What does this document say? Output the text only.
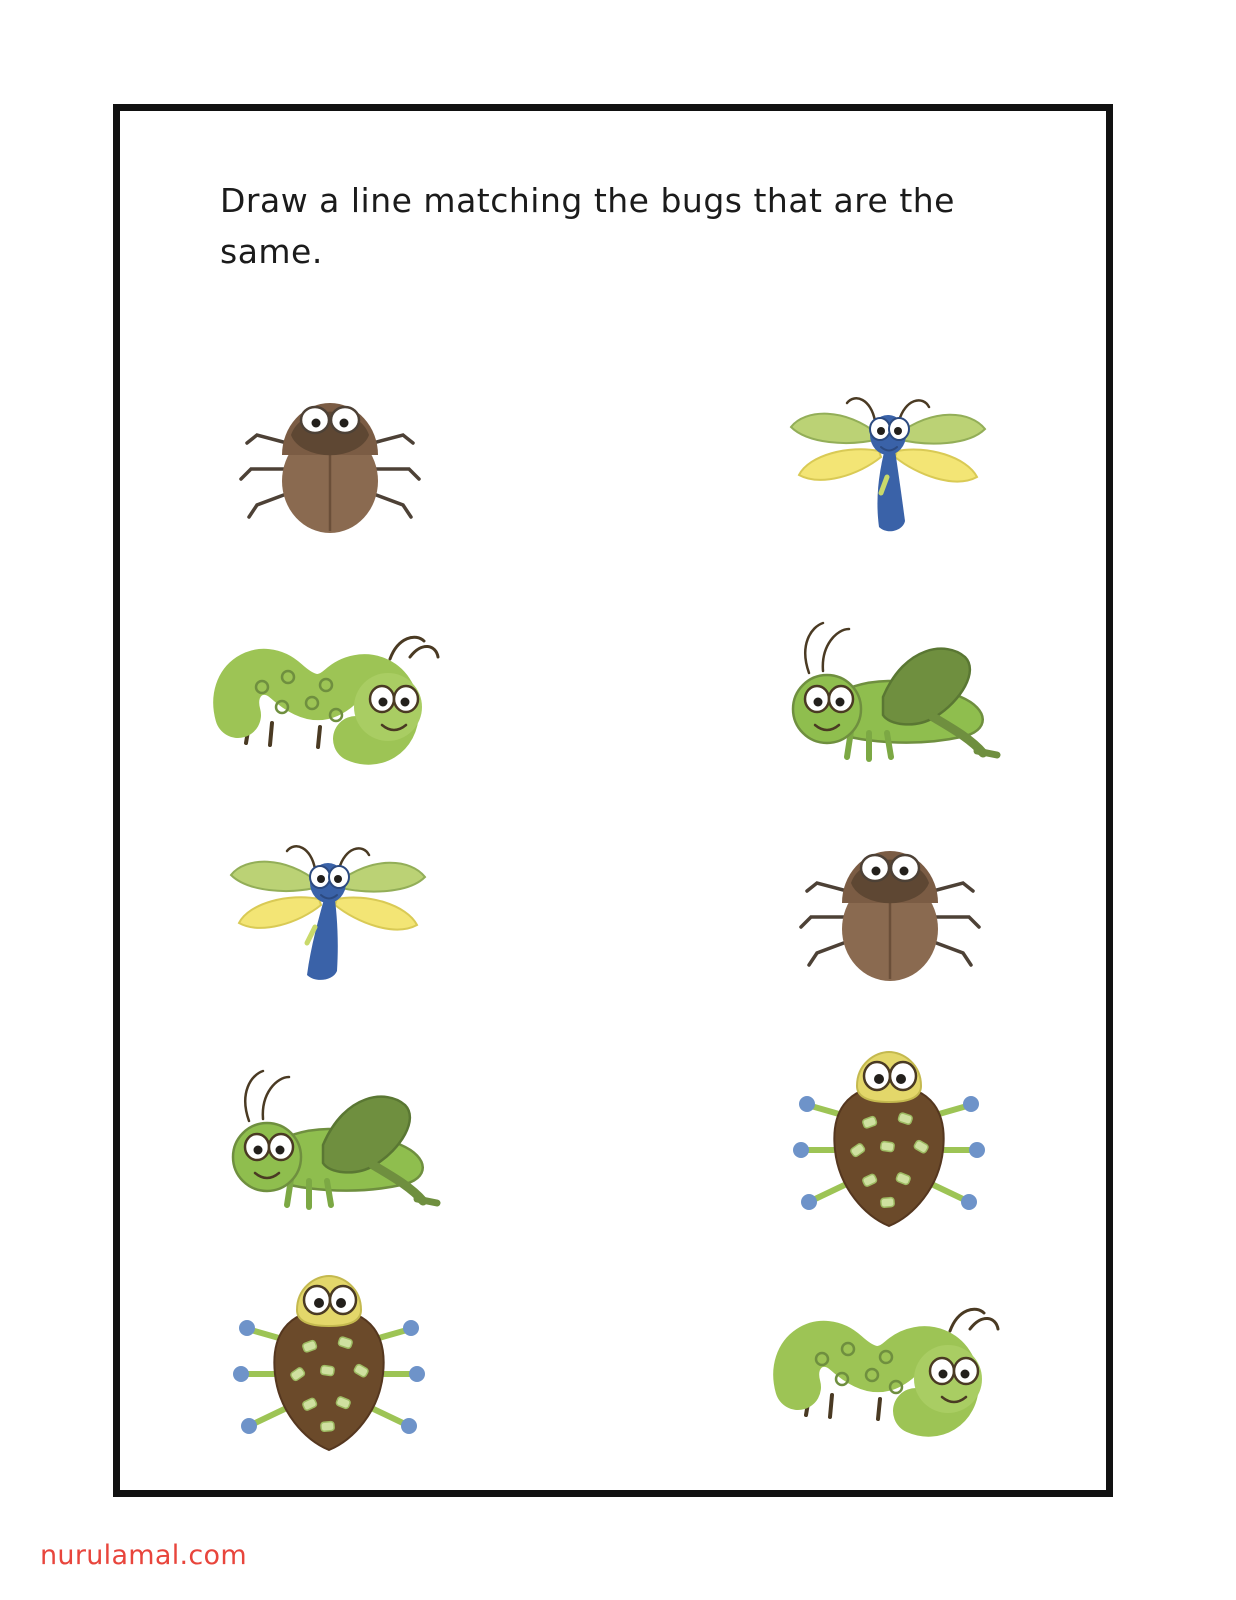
Draw a line matching the bugs that are the same.
nurulamal.com
